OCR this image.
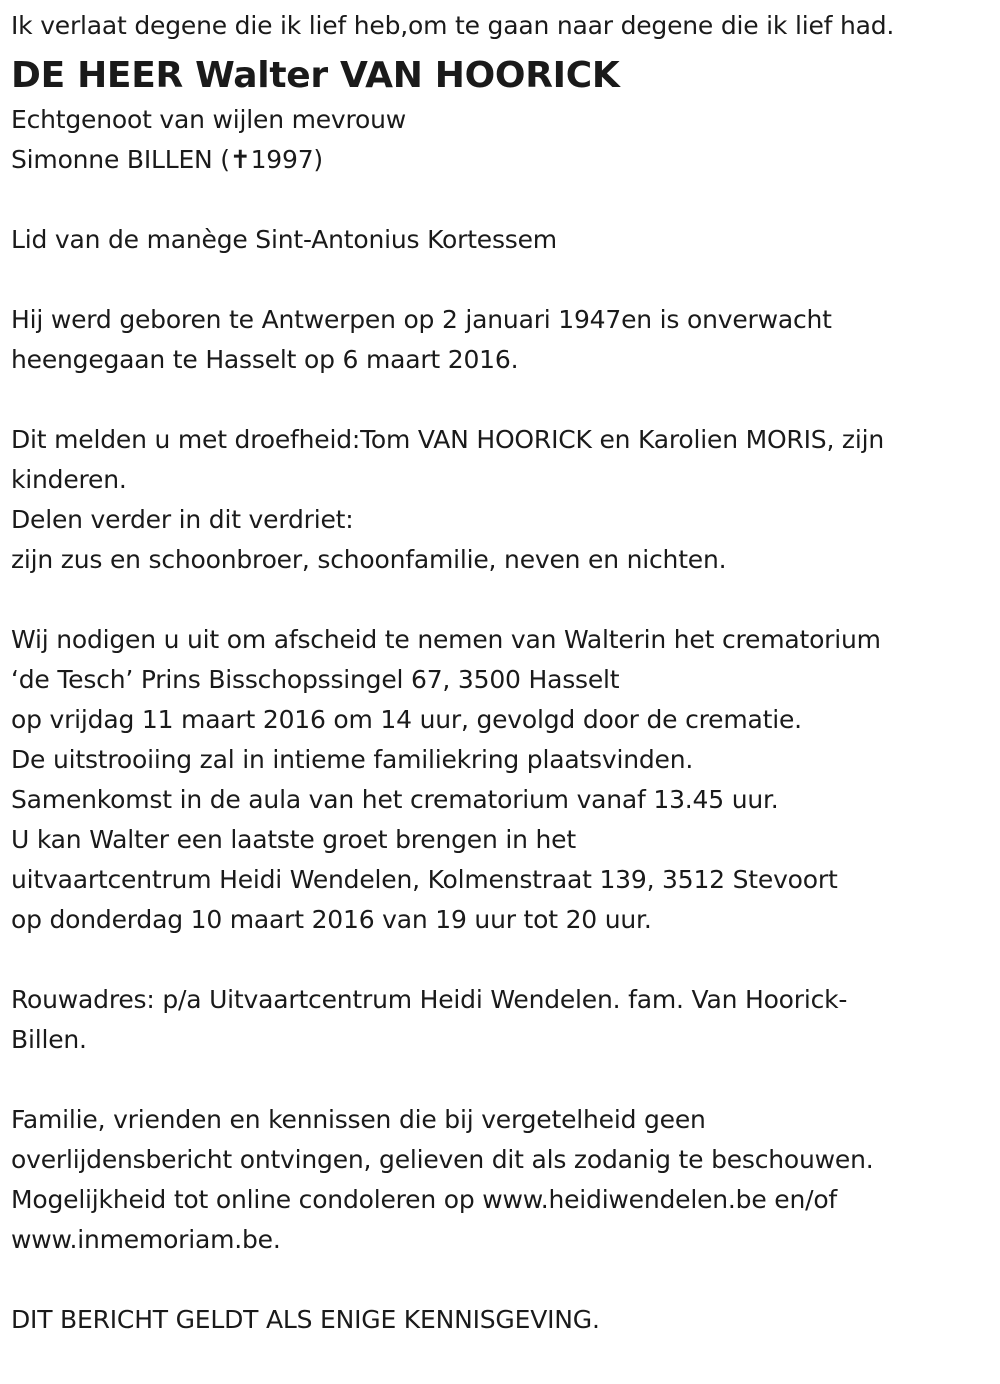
Ik verlaat degene die ik lief heb,om te gaan naar degene die ik lief had.
DE HEER Walter VAN HOORICK
Echtgenoot van wijlen mevrouw
Simonne BILLEN (✝1997)
Lid van de manège Sint-Antonius Kortessem
Hij werd geboren te Antwerpen op 2 januari 1947en is onverwacht
heengegaan te Hasselt op 6 maart 2016.
Dit melden u met droefheid:Tom VAN HOORICK en Karolien MORIS, zijn
kinderen.
Delen verder in dit verdriet:
zijn zus en schoonbroer, schoonfamilie, neven en nichten.
Wij nodigen u uit om afscheid te nemen van Walterin het crematorium
‘de Tesch’ Prins Bisschopssingel 67, 3500 Hasselt
op vrijdag 11 maart 2016 om 14 uur, gevolgd door de crematie.
De uitstrooiing zal in intieme familiekring plaatsvinden.
Samenkomst in de aula van het crematorium vanaf 13.45 uur.
U kan Walter een laatste groet brengen in het
uitvaartcentrum Heidi Wendelen, Kolmenstraat 139, 3512 Stevoort
op donderdag 10 maart 2016 van 19 uur tot 20 uur.
Rouwadres: p/a Uitvaartcentrum Heidi Wendelen. fam. Van Hoorick-
Billen.
Familie, vrienden en kennissen die bij vergetelheid geen
overlijdensbericht ontvingen, gelieven dit als zodanig te beschouwen.
Mogelijkheid tot online condoleren op www.heidiwendelen.be en/of
www.inmemoriam.be.
DIT BERICHT GELDT ALS ENIGE KENNISGEVING.
